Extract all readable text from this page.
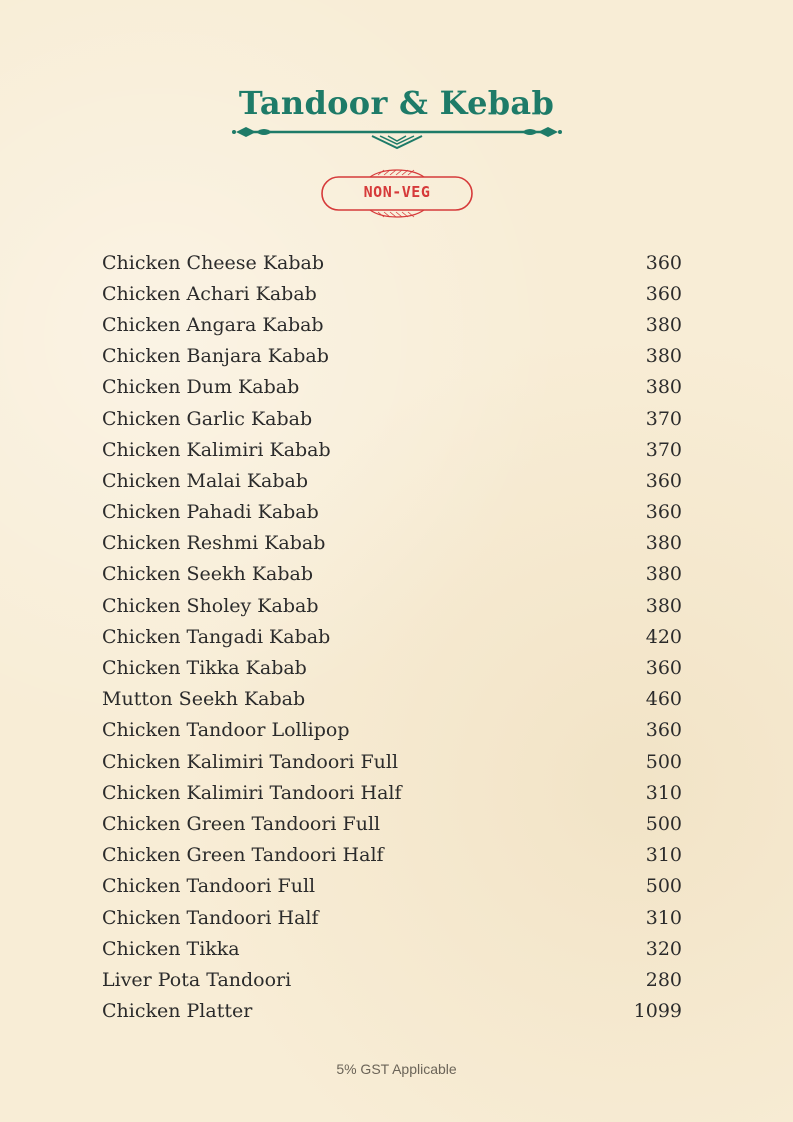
Tandoor & Kebab
NON-VEG
Chicken Cheese Kabab	360
Chicken Achari Kabab	360
Chicken Angara Kabab	380
Chicken Banjara Kabab	380
Chicken Dum Kabab	380
Chicken Garlic Kabab	370
Chicken Kalimiri Kabab	370
Chicken Malai Kabab	360
Chicken Pahadi Kabab	360
Chicken Reshmi Kabab	380
Chicken Seekh Kabab	380
Chicken Sholey Kabab	380
Chicken Tangadi Kabab	420
Chicken Tikka Kabab	360
Mutton Seekh Kabab	460
Chicken Tandoor Lollipop	360
Chicken Kalimiri Tandoori Full	500
Chicken Kalimiri Tandoori Half	310
Chicken Green Tandoori Full	500
Chicken Green Tandoori Half	310
Chicken Tandoori Full	500
Chicken Tandoori Half	310
Chicken Tikka	320
Liver Pota Tandoori	280
Chicken Platter	1099
5% GST Applicable
